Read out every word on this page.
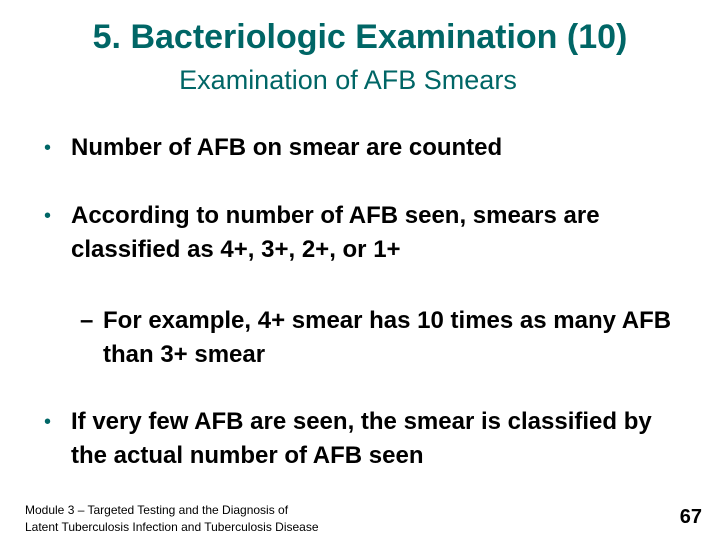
5. Bacteriologic Examination (10)
Examination of AFB Smears
• Number of AFB on smear are counted
• According to number of AFB seen, smears are classified as 4+, 3+, 2+, or 1+
– For example, 4+ smear has 10 times as many AFB than 3+ smear
• If very few AFB are seen, the smear is classified by the actual number of AFB seen
Module 3 – Targeted Testing and the Diagnosis of
Latent Tuberculosis Infection and Tuberculosis Disease	67
